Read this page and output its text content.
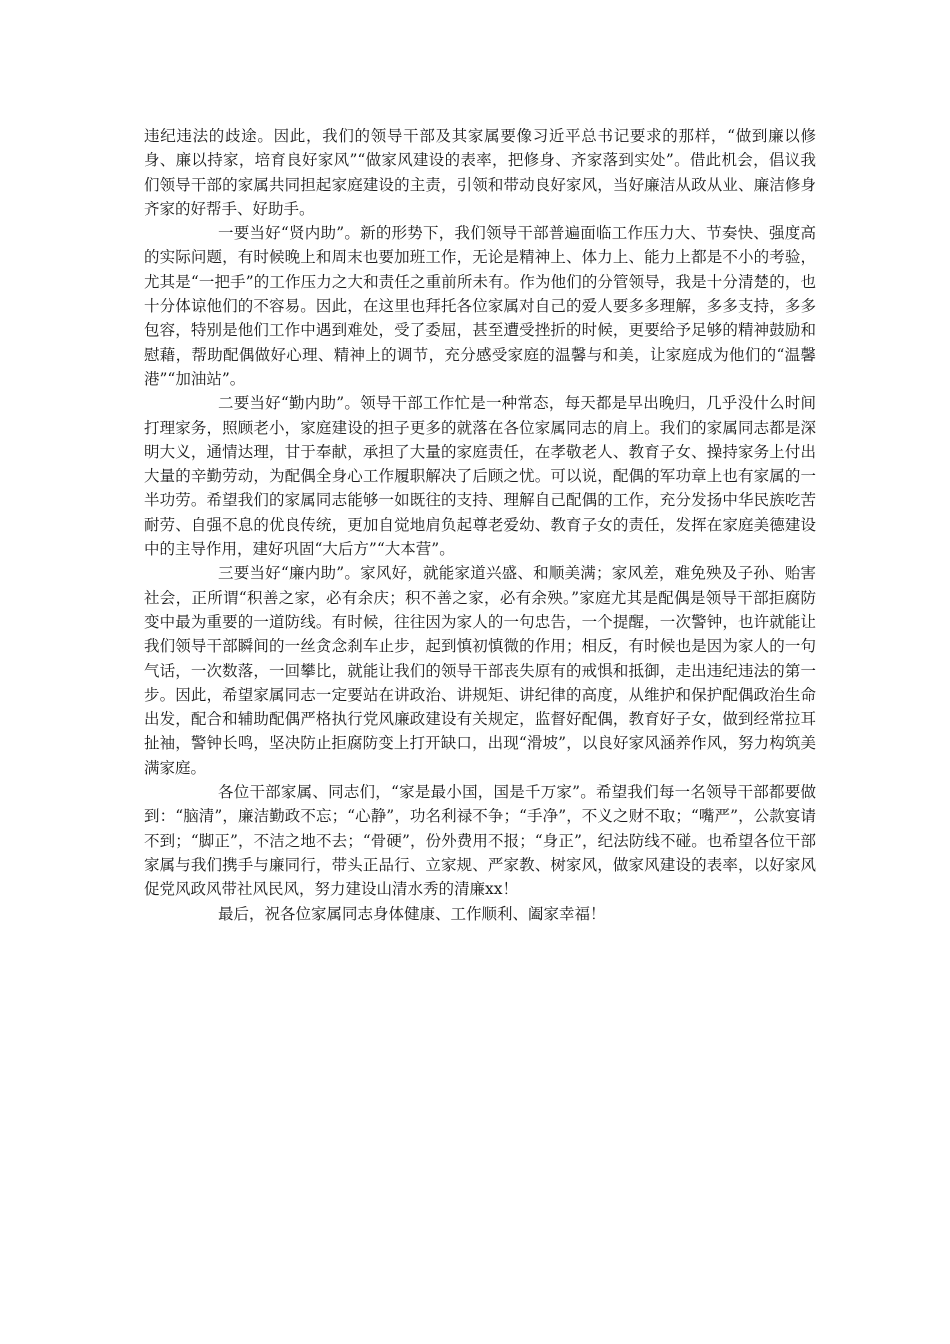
违纪违法的歧途。因此，我们的领导干部及其家属要像习近平总书记要求的那样，“做到廉以修身、廉以持家，培育良好家风”“做家风建设的表率，把修身、齐家落到实处”。借此机会，倡议我们领导干部的家属共同担起家庭建设的主责，引领和带动良好家风，当好廉洁从政从业、廉洁修身齐家的好帮手、好助手。

一要当好“贤内助”。新的形势下，我们领导干部普遍面临工作压力大、节奏快、强度高的实际问题，有时候晚上和周末也要加班工作，无论是精神上、体力上、能力上都是不小的考验，尤其是“一把手”的工作压力之大和责任之重前所未有。作为他们的分管领导，我是十分清楚的，也十分体谅他们的不容易。因此，在这里也拜托各位家属对自己的爱人要多多理解，多多支持，多多包容，特别是他们工作中遇到难处，受了委屈，甚至遭受挫折的时候，更要给予足够的精神鼓励和慰藉，帮助配偶做好心理、精神上的调节，充分感受家庭的温馨与和美，让家庭成为他们的“温馨港”“加油站”。

二要当好“勤内助”。领导干部工作忙是一种常态，每天都是早出晚归，几乎没什么时间打理家务，照顾老小，家庭建设的担子更多的就落在各位家属同志的肩上。我们的家属同志都是深明大义，通情达理，甘于奉献，承担了大量的家庭责任，在孝敬老人、教育子女、操持家务上付出大量的辛勤劳动，为配偶全身心工作履职解决了后顾之忧。可以说，配偶的军功章上也有家属的一半功劳。希望我们的家属同志能够一如既往的支持、理解自己配偶的工作，充分发扬中华民族吃苦耐劳、自强不息的优良传统，更加自觉地肩负起尊老爱幼、教育子女的责任，发挥在家庭美德建设中的主导作用，建好巩固“大后方”“大本营”。

三要当好“廉内助”。家风好，就能家道兴盛、和顺美满；家风差，难免殃及子孙、贻害社会，正所谓“积善之家，必有余庆；积不善之家，必有余殃。”家庭尤其是配偶是领导干部拒腐防变中最为重要的一道防线。有时候，往往因为家人的一句忠告，一个提醒，一次警钟，也许就能让我们领导干部瞬间的一丝贪念刹车止步，起到慎初慎微的作用；相反，有时候也是因为家人的一句气话，一次数落，一回攀比，就能让我们的领导干部丧失原有的戒惧和抵御，走出违纪违法的第一步。因此，希望家属同志一定要站在讲政治、讲规矩、讲纪律的高度，从维护和保护配偶政治生命出发，配合和辅助配偶严格执行党风廉政建设有关规定，监督好配偶，教育好子女，做到经常拉耳扯袖，警钟长鸣，坚决防止拒腐防变上打开缺口，出现“滑坡”，以良好家风涵养作风，努力构筑美满家庭。

各位干部家属、同志们，“家是最小国，国是千万家”。希望我们每一名领导干部都要做到：“脑清”，廉洁勤政不忘；“心静”，功名利禄不争；“手净”，不义之财不取；“嘴严”，公款宴请不到；“脚正”，不洁之地不去；“骨硬”，份外费用不报；“身正”，纪法防线不碰。也希望各位干部家属与我们携手与廉同行，带头正品行、立家规、严家教、树家风，做家风建设的表率，以好家风促党风政风带社风民风，努力建设山清水秀的清廉xx！

最后，祝各位家属同志身体健康、工作顺利、阖家幸福！
